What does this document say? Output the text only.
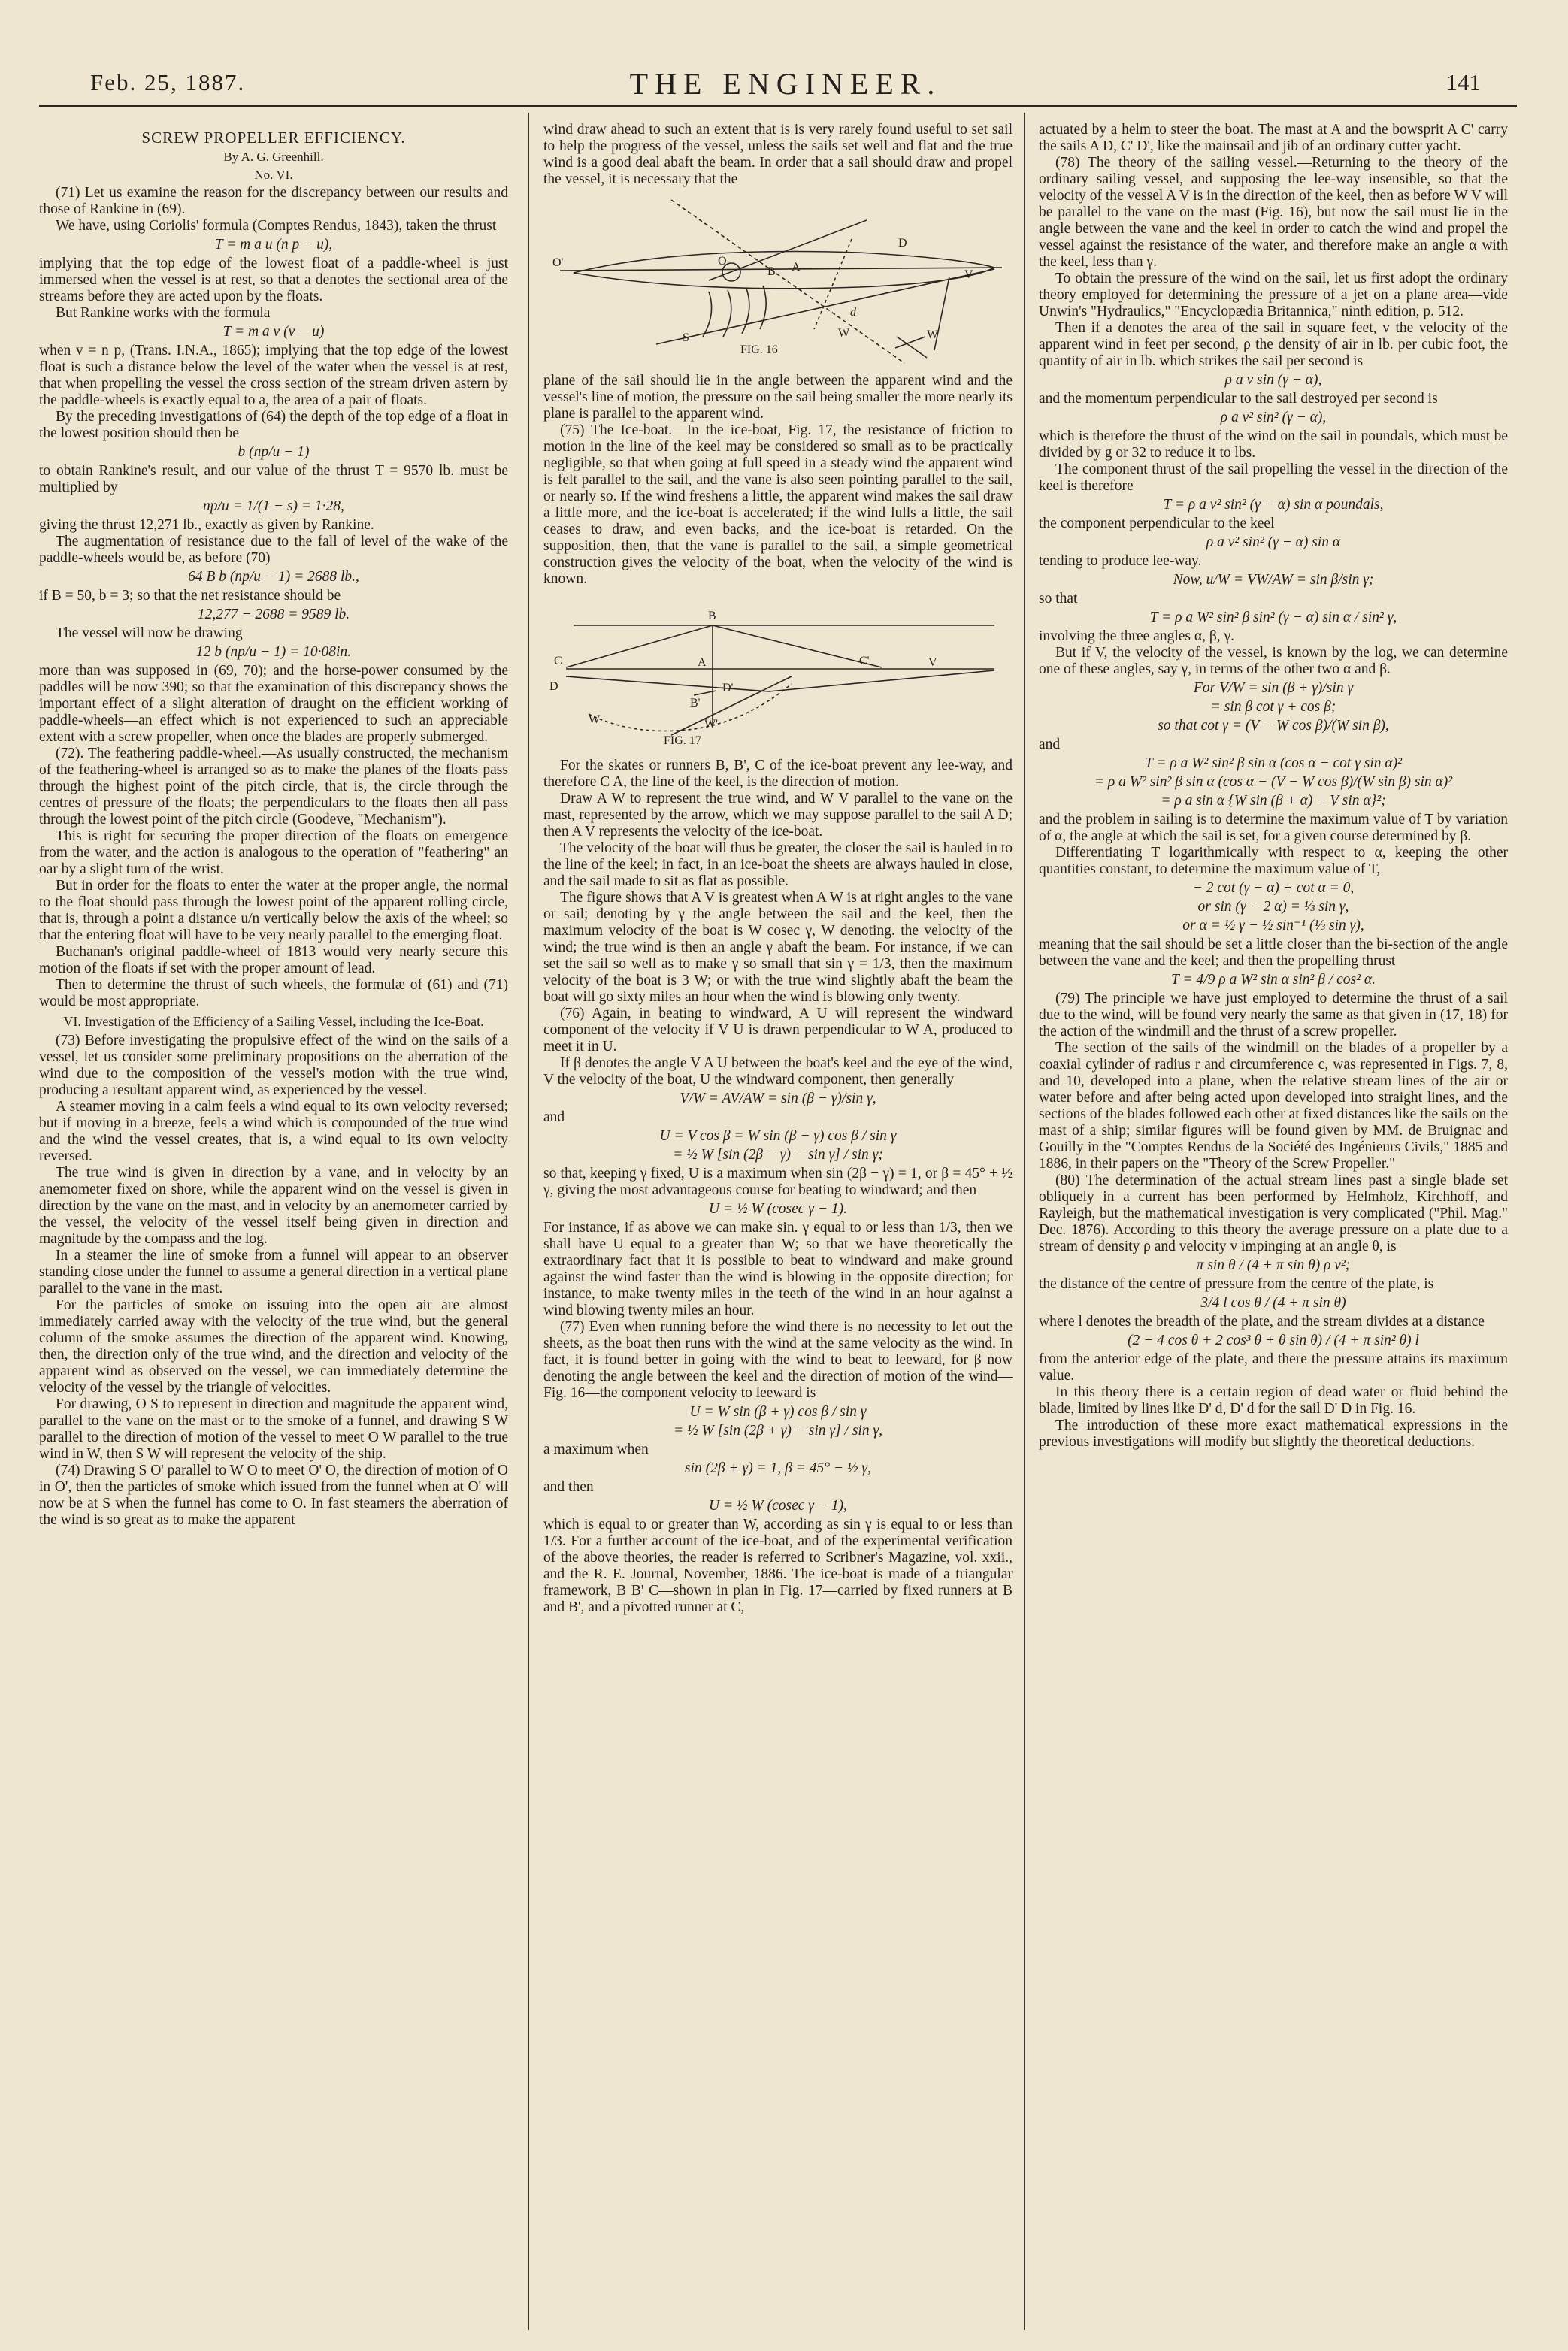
Feb. 25, 1887.	THE ENGINEER.	141
SCREW PROPELLER EFFICIENCY.
By A. G. Greenhill.
No. VI.

(71) Let us examine the reason for the discrepancy between our results and those of Rankine in (69).

We have, using Coriolis' formula (Comptes Rendus, 1843), taken the thrust

T = m a u (n p − u),

implying that the top edge of the lowest float of a paddle-wheel is just immersed when the vessel is at rest, so that a denotes the sectional area of the streams before they are acted upon by the floats.

But Rankine works with the formula

T = m a v (v − u)

when v = n p, (Trans. I.N.A., 1865); implying that the top edge of the lowest float is such a distance below the level of the water when the vessel is at rest, that when propelling the vessel the cross section of the stream driven astern by the paddle-wheels is exactly equal to a, the area of a pair of floats.

By the preceding investigations of (64) the depth of the top edge of a float in the lowest position should then be

b (np/u − 1)

to obtain Rankine's result, and our value of the thrust T = 9570 lb. must be multiplied by

np/u = 1/(1 − s) = 1·28,

giving the thrust 12,271 lb., exactly as given by Rankine.

The augmentation of resistance due to the fall of level of the wake of the paddle-wheels would be, as before (70)

64 B b (np/u − 1) = 2688 lb.,

if B = 50, b = 3; so that the net resistance should be

12,277 − 2688 = 9589 lb.

The vessel will now be drawing

12 b (np/u − 1) = 10·08in.

more than was supposed in (69, 70); and the horse-power consumed by the paddles will be now 390; so that the examination of this discrepancy shows the important effect of a slight alteration of draught on the efficient working of paddle-wheels—an effect which is not experienced to such an appreciable extent with a screw propeller, when once the blades are properly submerged.

(72). The feathering paddle-wheel.—As usually constructed, the mechanism of the feathering-wheel is arranged so as to make the planes of the floats pass through the highest point of the pitch circle, that is, the circle through the centres of pressure of the floats; the perpendiculars to the floats then all pass through the lowest point of the pitch circle (Goodeve, "Mechanism").

This is right for securing the proper direction of the floats on emergence from the water, and the action is analogous to the operation of "feathering" an oar by a slight turn of the wrist.

But in order for the floats to enter the water at the proper angle, the normal to the float should pass through the lowest point of the apparent rolling circle, that is, through a point a distance u/n vertically below the axis of the wheel; so that the entering float will have to be very nearly parallel to the emerging float.

Buchanan's original paddle-wheel of 1813 would very nearly secure this motion of the floats if set with the proper amount of lead.

Then to determine the thrust of such wheels, the formulæ of (61) and (71) would be most appropriate.

VI. Investigation of the Efficiency of a Sailing Vessel, including the Ice-Boat.

(73) Before investigating the propulsive effect of the wind on the sails of a vessel, let us consider some preliminary propositions on the aberration of the wind due to the composition of the vessel's motion with the true wind, producing a resultant apparent wind, as experienced by the vessel.

A steamer moving in a calm feels a wind equal to its own velocity reversed; but if moving in a breeze, feels a wind which is compounded of the true wind and the wind the vessel creates, that is, a wind equal to its own velocity reversed.

The true wind is given in direction by a vane, and in velocity by an anemometer fixed on shore, while the apparent wind on the vessel is given in direction by the vane on the mast, and in velocity by an anemometer carried by the vessel, the velocity of the vessel itself being given in direction and magnitude by the compass and the log.

In a steamer the line of smoke from a funnel will appear to an observer standing close under the funnel to assume a general direction in a vertical plane parallel to the vane in the mast.

For the particles of smoke on issuing into the open air are almost immediately carried away with the velocity of the true wind, but the general column of the smoke assumes the direction of the apparent wind. Knowing, then, the direction only of the true wind, and the direction and velocity of the apparent wind as observed on the vessel, we can immediately determine the velocity of the vessel by the triangle of velocities.

For drawing, O S to represent in direction and magnitude the apparent wind, parallel to the vane on the mast or to the smoke of a funnel, and drawing S W parallel to the direction of motion of the vessel to meet O W parallel to the true wind in W, then S W will represent the velocity of the ship.

(74) Drawing S O' parallel to W O to meet O' O, the direction of motion of O in O', then the particles of smoke which issued from the funnel when at O' will now be at S when the funnel has come to O. In fast steamers the aberration of the wind is so great as to make the apparent

wind draw ahead to such an extent that is is very rarely found useful to set sail to help the progress of the vessel, unless the sails set well and flat and the true wind is a good deal abaft the beam. In order that a sail should draw and propel the vessel, it is necessary that the

O'	O
B A
D
V
d
S	W	W
FIG. 16

plane of the sail should lie in the angle between the apparent wind and the vessel's line of motion, the pressure on the sail being smaller the more nearly its plane is parallel to the apparent wind.

(75) The Ice-boat.—In the ice-boat, Fig. 17, the resistance of friction to motion in the line of the keel may be considered so small as to be practically negligible, so that when going at full speed in a steady wind the apparent wind is felt parallel to the sail, and the vane is also seen pointing parallel to the sail, or nearly so. If the wind freshens a little, the apparent wind makes the sail draw a little more, and the ice-boat is accelerated; if the wind lulls a little, the sail ceases to draw, and even backs, and the ice-boat is retarded. On the supposition, then, that the vane is parallel to the sail, a simple geometrical construction gives the velocity of the boat, when the velocity of the wind is known.

B
C	A	C'	V
D	D'
B'
W	W'
FIG. 17

For the skates or runners B, B', C of the ice-boat prevent any lee-way, and therefore C A, the line of the keel, is the direction of motion.

Draw A W to represent the true wind, and W V parallel to the vane on the mast, represented by the arrow, which we may suppose parallel to the sail A D; then A V represents the velocity of the ice-boat.

The velocity of the boat will thus be greater, the closer the sail is hauled in to the line of the keel; in fact, in an ice-boat the sheets are always hauled in close, and the sail made to sit as flat as possible.

The figure shows that A V is greatest when A W is at right angles to the vane or sail; denoting by γ the angle between the sail and the keel, then the maximum velocity of the boat is W cosec γ, W denoting. the velocity of the wind; the true wind is then an angle γ abaft the beam. For instance, if we can set the sail so well as to make γ so small that sin γ = 1/3, then the maximum velocity of the boat is 3 W; or with the true wind slightly abaft the beam the boat will go sixty miles an hour when the wind is blowing only twenty.

(76) Again, in beating to windward, A U will represent the windward component of the velocity if V U is drawn perpendicular to W A, produced to meet it in U.

If β denotes the angle V A U between the boat's keel and the eye of the wind, V the velocity of the boat, U the windward component, then generally

V/W = AV/AW = sin (β − γ)/sin γ,

and

U = V cos β = W sin (β − γ) cos β / sin γ
= ½ W [sin (2β − γ) − sin γ] / sin γ;

so that, keeping γ fixed, U is a maximum when sin (2β − γ) = 1, or β = 45° + ½ γ, giving the most advantageous course for beating to windward; and then

U = ½ W (cosec γ − 1).

For instance, if as above we can make sin. γ equal to or less than 1/3, then we shall have U equal to a greater than W; so that we have theoretically the extraordinary fact that it is possible to beat to windward and make ground against the wind faster than the wind is blowing in the opposite direction; for instance, to make twenty miles in the teeth of the wind in an hour against a wind blowing twenty miles an hour.

(77) Even when running before the wind there is no necessity to let out the sheets, as the boat then runs with the wind at the same velocity as the wind. In fact, it is found better in going with the wind to beat to leeward, for β now denoting the angle between the keel and the direction of motion of the wind—Fig. 16—the component velocity to leeward is

U = W sin (β + γ) cos β / sin γ
= ½ W [sin (2β + γ) − sin γ] / sin γ,

a maximum when

sin (2β + γ) = 1, β = 45° − ½ γ,

and then

U = ½ W (cosec γ − 1),

which is equal to or greater than W, according as sin γ is equal to or less than 1/3. For a further account of the ice-boat, and of the experimental verification of the above theories, the reader is referred to Scribner's Magazine, vol. xxii., and the R. E. Journal, November, 1886. The ice-boat is made of a triangular framework, B B' C—shown in plan in Fig. 17—carried by fixed runners at B and B', and a pivotted runner at C,

actuated by a helm to steer the boat. The mast at A and the bowsprit A C' carry the sails A D, C' D', like the mainsail and jib of an ordinary cutter yacht.

(78) The theory of the sailing vessel.—Returning to the theory of the ordinary sailing vessel, and supposing the lee-way insensible, so that the velocity of the vessel A V is in the direction of the keel, then as before W V will be parallel to the vane on the mast (Fig. 16), but now the sail must lie in the angle between the vane and the keel in order to catch the wind and propel the vessel against the resistance of the water, and therefore make an angle α with the keel, less than γ.

To obtain the pressure of the wind on the sail, let us first adopt the ordinary theory employed for determining the pressure of a jet on a plane area—vide Unwin's "Hydraulics," "Encyclopædia Britannica," ninth edition, p. 512.

Then if a denotes the area of the sail in square feet, v the velocity of the apparent wind in feet per second, ρ the density of air in lb. per cubic foot, the quantity of air in lb. which strikes the sail per second is

ρ a v sin (γ − α),

and the momentum perpendicular to the sail destroyed per second is

ρ a v² sin² (γ − α),

which is therefore the thrust of the wind on the sail in poundals, which must be divided by g or 32 to reduce it to lbs.

The component thrust of the sail propelling the vessel in the direction of the keel is therefore

T = ρ a v² sin² (γ − α) sin α poundals,

the component perpendicular to the keel

ρ a v² sin² (γ − α) sin α

tending to produce lee-way.

Now, u/W = VW/AW = sin β/sin γ;

so that

T = ρ a W² sin² β sin² (γ − α) sin α / sin² γ,

involving the three angles α, β, γ.

But if V, the velocity of the vessel, is known by the log, we can determine one of these angles, say γ, in terms of the other two α and β.

For V/W = sin (β + γ)/sin γ
= sin β cot γ + cos β;
so that cot γ = (V − W cos β)/(W sin β),

and

T = ρ a W² sin² β sin α (cos α − cot γ sin α)²
= ρ a W² sin² β sin α (cos α − (V − W cos β)/(W sin β) sin α)²
= ρ a sin α {W sin (β + α) − V sin α}²;

and the problem in sailing is to determine the maximum value of T by variation of α, the angle at which the sail is set, for a given course determined by β.

Differentiating T logarithmically with respect to α, keeping the other quantities constant, to determine the maximum value of T,

− 2 cot (γ − α) + cot α = 0,
or sin (γ − 2 α) = ⅓ sin γ,
or α = ½ γ − ½ sin⁻¹ (⅓ sin γ),

meaning that the sail should be set a little closer than the bi-section of the angle between the vane and the keel; and then the propelling thrust

T = 4/9 ρ a W² sin α sin² β / cos² α.

(79) The principle we have just employed to determine the thrust of a sail due to the wind, will be found very nearly the same as that given in (17, 18) for the action of the windmill and the thrust of a screw propeller.

The section of the sails of the windmill on the blades of a propeller by a coaxial cylinder of radius r and circumference c, was represented in Figs. 7, 8, and 10, developed into a plane, when the relative stream lines of the air or water before and after being acted upon developed into straight lines, and the sections of the blades followed each other at fixed distances like the sails on the mast of a ship; similar figures will be found given by MM. de Bruignac and Gouilly in the "Comptes Rendus de la Société des Ingénieurs Civils," 1885 and 1886, in their papers on the "Theory of the Screw Propeller."

(80) The determination of the actual stream lines past a single blade set obliquely in a current has been performed by Helmholz, Kirchhoff, and Rayleigh, but the mathematical investigation is very complicated ("Phil. Mag." Dec. 1876). According to this theory the average pressure on a plate due to a stream of density ρ and velocity v impinging at an angle θ, is

π sin θ / (4 + π sin θ) ρ v²;

the distance of the centre of pressure from the centre of the plate, is

3/4 l cos θ / (4 + π sin θ)

where l denotes the breadth of the plate, and the stream divides at a distance

(2 − 4 cos θ + 2 cos³ θ + θ sin θ) / (4 + π sin² θ) l

from the anterior edge of the plate, and there the pressure attains its maximum value.

In this theory there is a certain region of dead water or fluid behind the blade, limited by lines like D' d, D' d for the sail D' D in Fig. 16.

The introduction of these more exact mathematical expressions in the previous investigations will modify but slightly the theoretical deductions.
